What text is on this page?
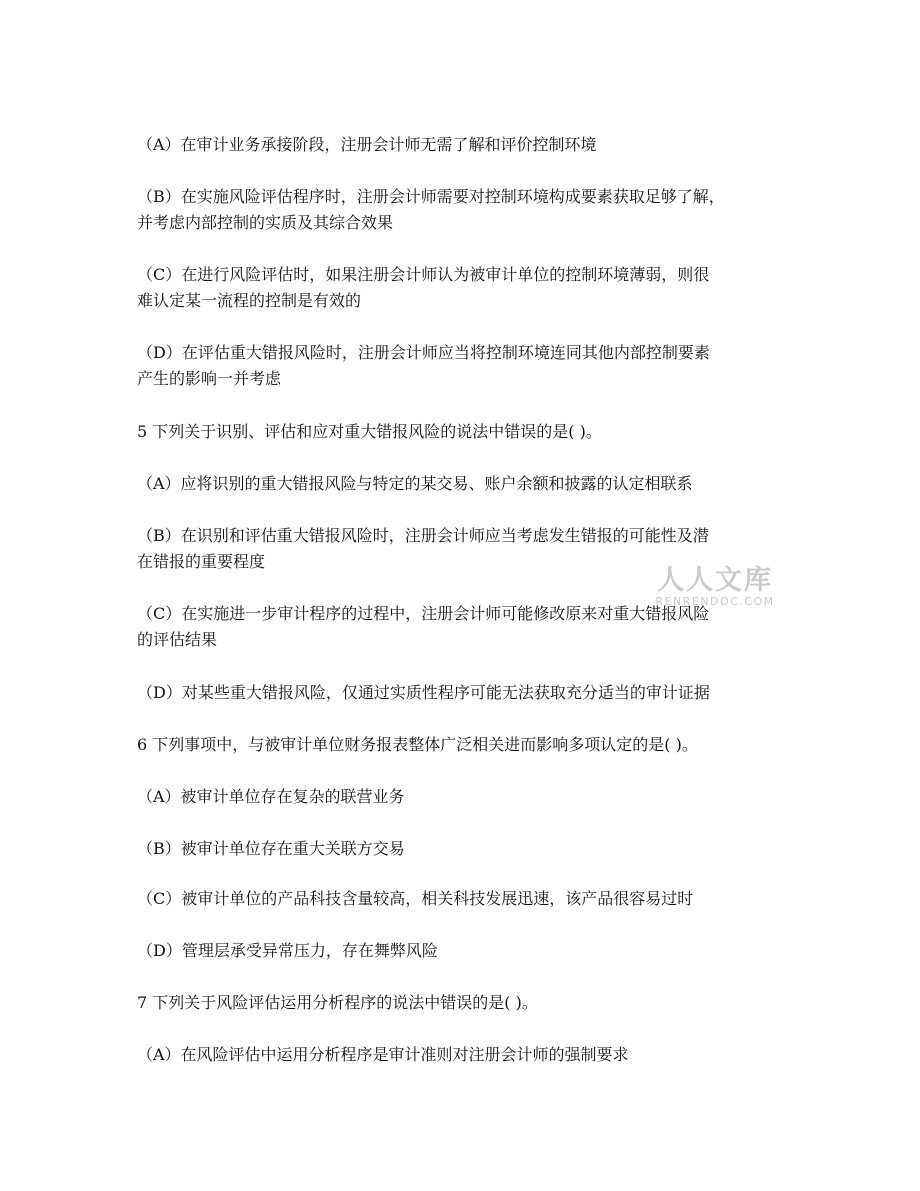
（A）在审计业务承接阶段，注册会计师无需了解和评价控制环境

（B）在实施风险评估程序时，注册会计师需要对控制环境构成要素获取足够了解，
并考虑内部控制的实质及其综合效果

（C）在进行风险评估时，如果注册会计师认为被审计单位的控制环境薄弱，则很
难认定某一流程的控制是有效的

（D）在评估重大错报风险时，注册会计师应当将控制环境连同其他内部控制要素
产生的影响一并考虑

5 下列关于识别、评估和应对重大错报风险的说法中错误的是( )。

（A）应将识别的重大错报风险与特定的某交易、账户余额和披露的认定相联系

（B）在识别和评估重大错报风险时，注册会计师应当考虑发生错报的可能性及潜
在错报的重要程度

（C）在实施进一步审计程序的过程中，注册会计师可能修改原来对重大错报风险
的评估结果

（D）对某些重大错报风险，仅通过实质性程序可能无法获取充分适当的审计证据

6 下列事项中，与被审计单位财务报表整体广泛相关进而影响多项认定的是( )。

（A）被审计单位存在复杂的联营业务

（B）被审计单位存在重大关联方交易

（C）被审计单位的产品科技含量较高，相关科技发展迅速，该产品很容易过时

（D）管理层承受异常压力，存在舞弊风险

7 下列关于风险评估运用分析程序的说法中错误的是( )。

（A）在风险评估中运用分析程序是审计准则对注册会计师的强制要求

人人文库
RENRENDOC.COM
